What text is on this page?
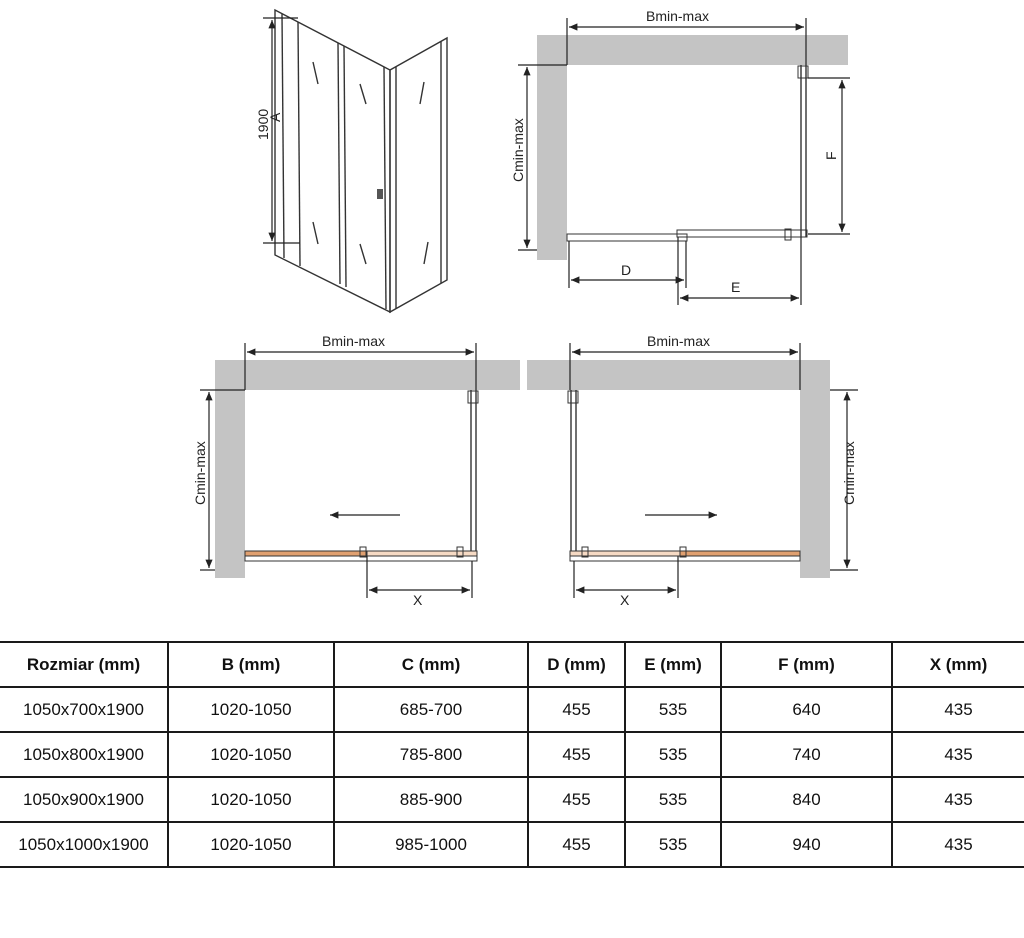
1900
A
Bmin-max
Cmin-max	F
D
E
Bmin-max
Cmin-max
X
Bmin-max
Cmin-max
X
Rozmiar (mm)	B (mm)	C (mm)	D (mm)	E (mm)	F (mm)	X (mm)
1050x700x1900	1020-1050	685-700	455	535	640	435
1050x800x1900	1020-1050	785-800	455	535	740	435
1050x900x1900	1020-1050	885-900	455	535	840	435
1050x1000x1900	1020-1050	985-1000	455	535	940	435
